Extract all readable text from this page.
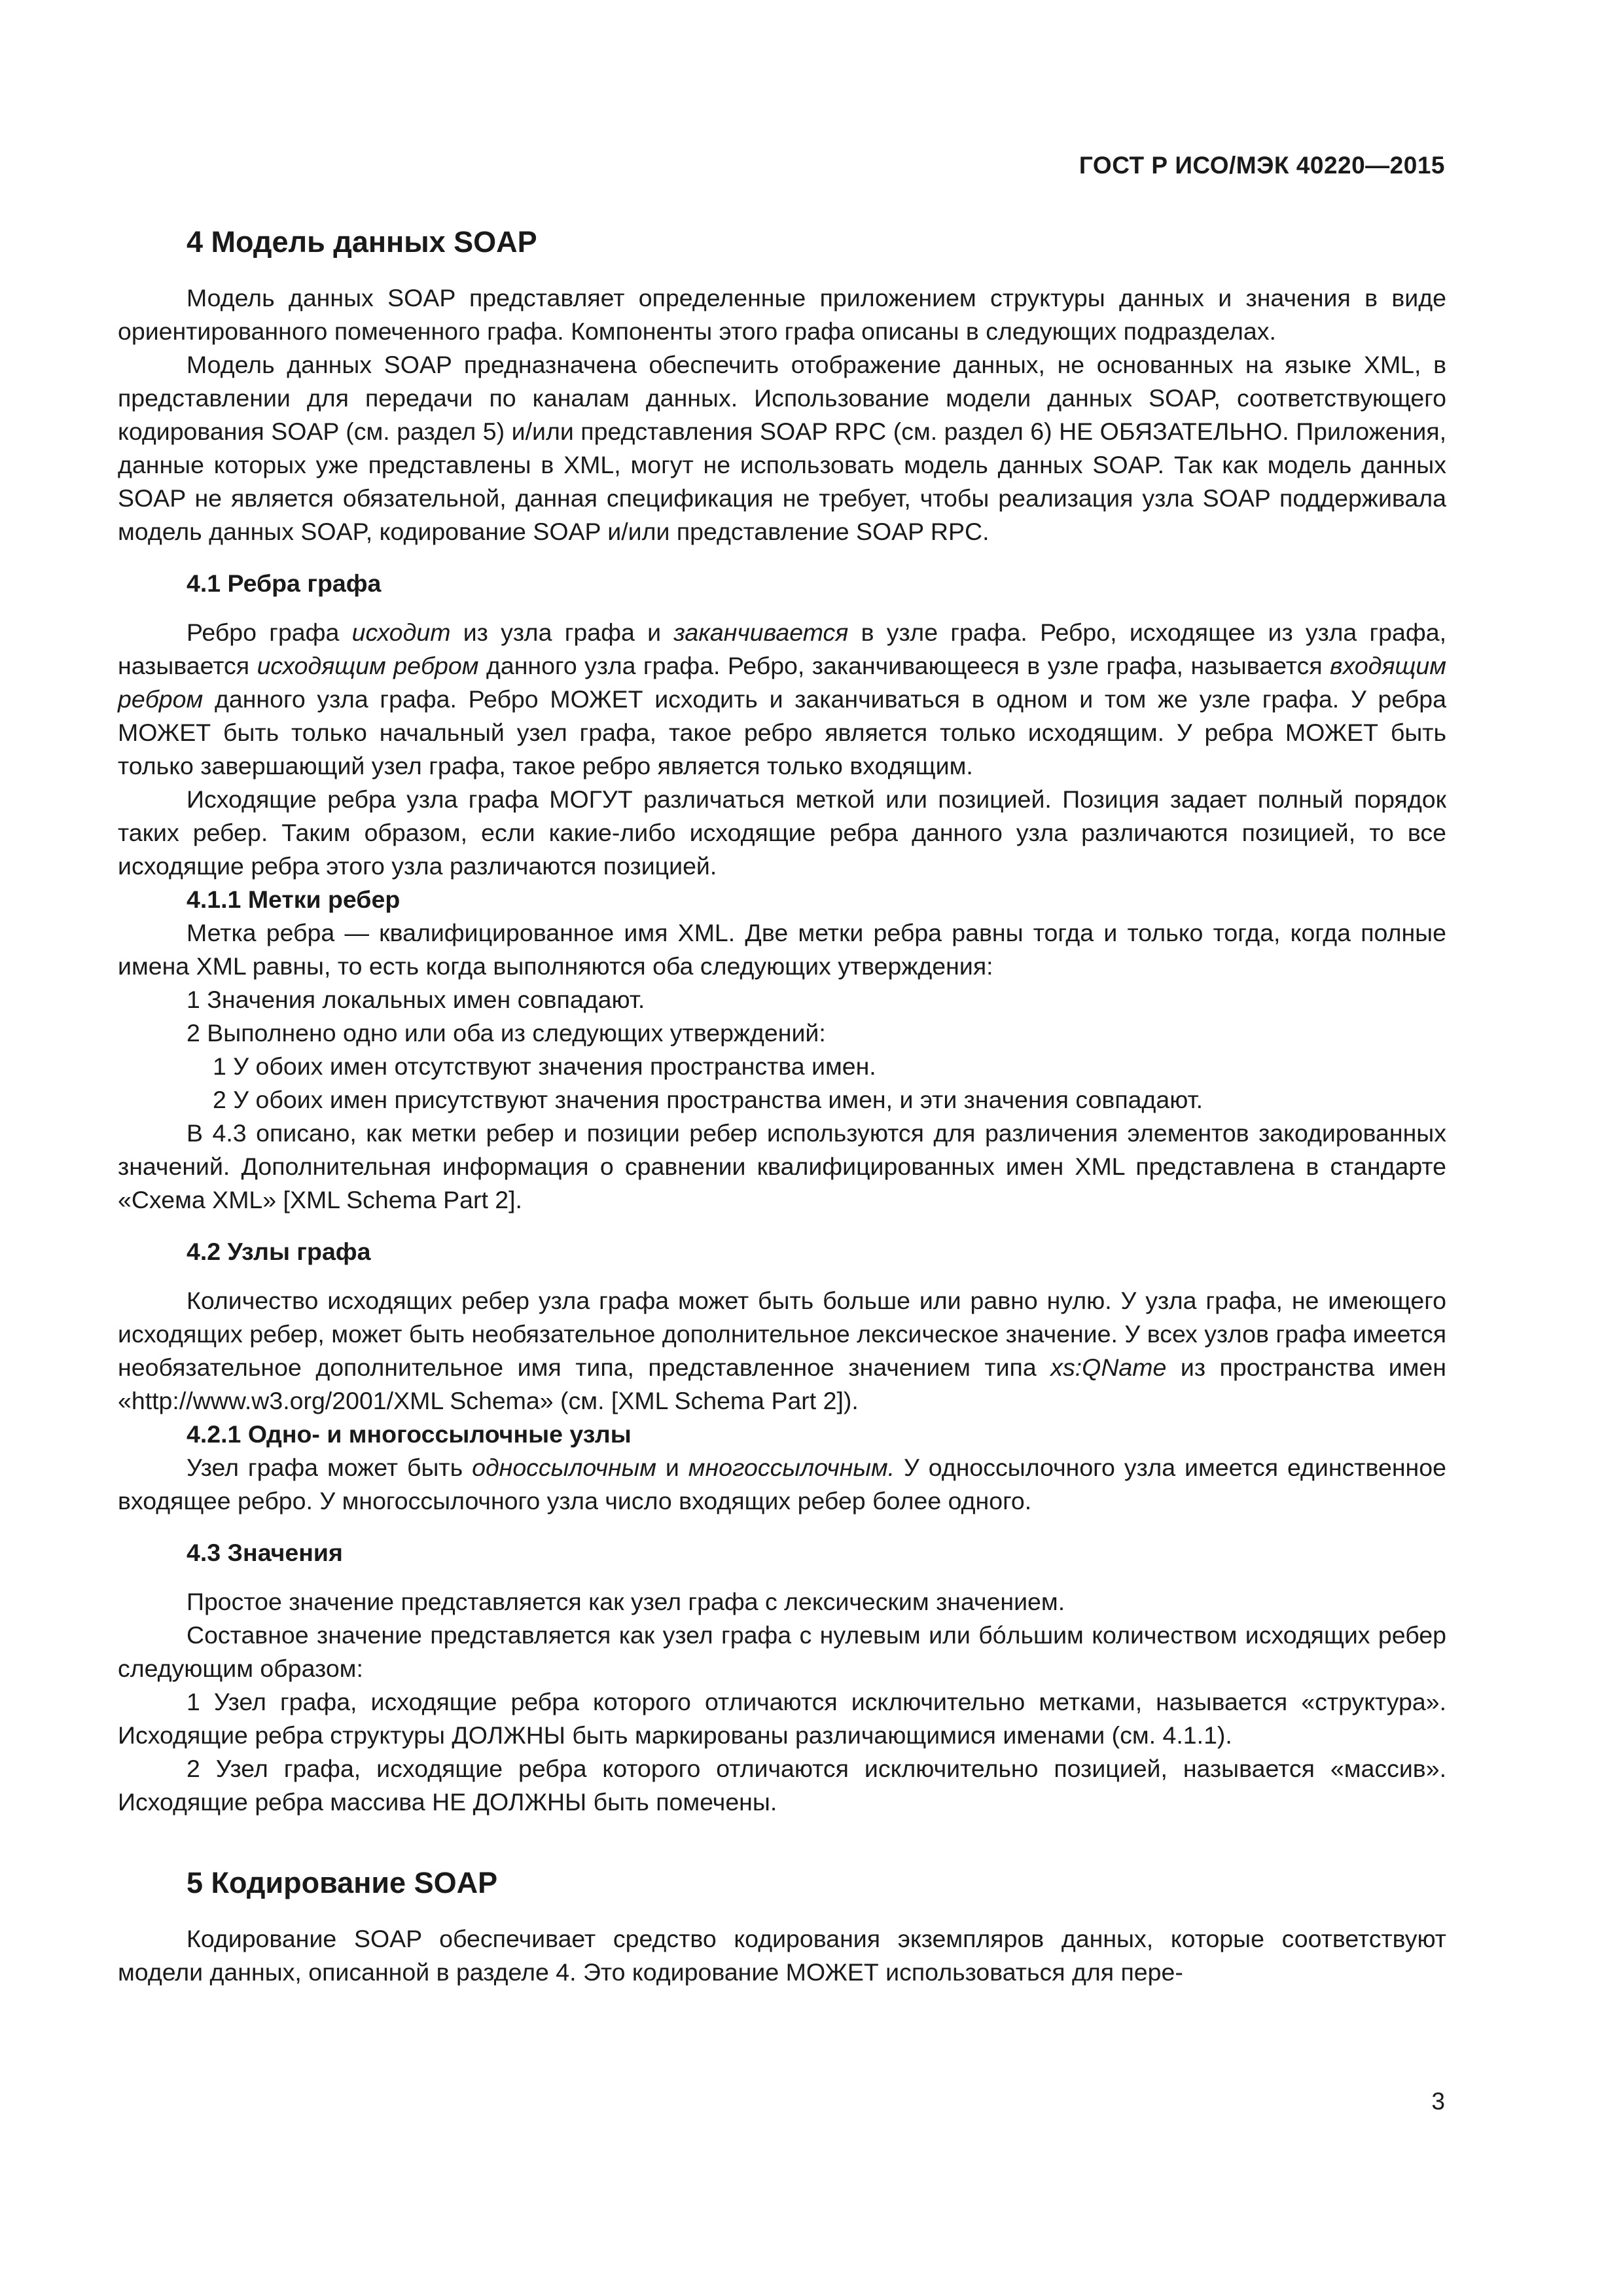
ГОСТ Р ИСО/МЭК 40220—2015
4 Модель данных SOAP

Модель данных SOAP представляет определенные приложением структуры данных и значения в виде ориентированного помеченного графа. Компоненты этого графа описаны в следующих подразделах.

Модель данных SOAP предназначена обеспечить отображение данных, не основанных на языке XML, в представлении для передачи по каналам данных. Использование модели данных SOAP, соответствующего кодирования SOAP (см. раздел 5) и/или представления SOAP RPC (см. раздел 6) НЕ ОБЯЗАТЕЛЬНО. Приложения, данные которых уже представлены в XML, могут не использовать модель данных SOAP. Так как модель данных SOAP не является обязательной, данная спецификация не требует, чтобы реализация узла SOAP поддерживала модель данных SOAP, кодирование SOAP и/или представление SOAP RPC.

4.1 Ребра графа

Ребро графа исходит из узла графа и заканчивается в узле графа. Ребро, исходящее из узла графа, называется исходящим ребром данного узла графа. Ребро, заканчивающееся в узле графа, называется входящим ребром данного узла графа. Ребро МОЖЕТ исходить и заканчиваться в одном и том же узле графа. У ребра МОЖЕТ быть только начальный узел графа, такое ребро является только исходящим. У ребра МОЖЕТ быть только завершающий узел графа, такое ребро является только входящим.

Исходящие ребра узла графа МОГУТ различаться меткой или позицией. Позиция задает полный порядок таких ребер. Таким образом, если какие-либо исходящие ребра данного узла различаются позицией, то все исходящие ребра этого узла различаются позицией.

4.1.1 Метки ребер

Метка ребра — квалифицированное имя XML. Две метки ребра равны тогда и только тогда, когда полные имена XML равны, то есть когда выполняются оба следующих утверждения:

1 Значения локальных имен совпадают.

2 Выполнено одно или оба из следующих утверждений:

1 У обоих имен отсутствуют значения пространства имен.

2 У обоих имен присутствуют значения пространства имен, и эти значения совпадают.

В 4.3 описано, как метки ребер и позиции ребер используются для различения элементов закодированных значений. Дополнительная информация о сравнении квалифицированных имен XML представлена в стандарте «Схема XML» [XML Schema Part 2].

4.2 Узлы графа

Количество исходящих ребер узла графа может быть больше или равно нулю. У узла графа, не имеющего исходящих ребер, может быть необязательное дополнительное лексическое значение. У всех узлов графа имеется необязательное дополнительное имя типа, представленное значением типа xs:QName из пространства имен «http://www.w3.org/2001/XML Schema» (см. [XML Schema Part 2]).

4.2.1 Одно- и многоссылочные узлы

Узел графа может быть односсылочным и многоссылочным. У односсылочного узла имеется единственное входящее ребро. У многоссылочного узла число входящих ребер более одного.

4.3 Значения

Простое значение представляется как узел графа с лексическим значением.

Составное значение представляется как узел графа с нулевым или бóльшим количеством исходящих ребер следующим образом:

1 Узел графа, исходящие ребра которого отличаются исключительно метками, называется «структура». Исходящие ребра структуры ДОЛЖНЫ быть маркированы различающимися именами (см. 4.1.1).

2 Узел графа, исходящие ребра которого отличаются исключительно позицией, называется «массив». Исходящие ребра массива НЕ ДОЛЖНЫ быть помечены.

5 Кодирование SOAP

Кодирование SOAP обеспечивает средство кодирования экземпляров данных, которые соответствуют модели данных, описанной в разделе 4. Это кодирование МОЖЕТ использоваться для пере-

3
